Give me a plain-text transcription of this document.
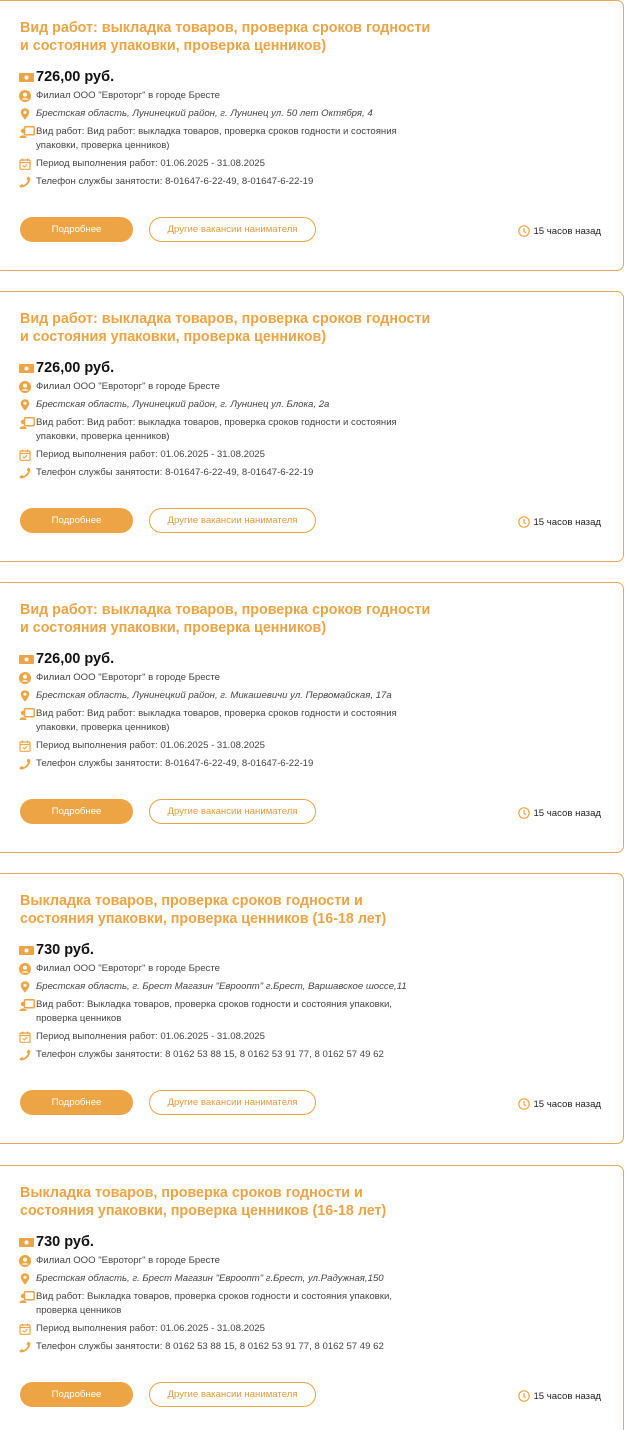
Вид работ: выкладка товаров, проверка сроков годности и состояния упаковки, проверка ценников)
726,00 руб.
Филиал ООО "Евроторг" в городе Бресте
Брестская область, Лунинецкий район, г. Лунинец ул. 50 лет Октября, 4
Вид работ: Вид работ: выкладка товаров, проверка сроков годности и состояния упаковки, проверка ценников)
Период выполнения работ: 01.06.2025 - 31.08.2025
Телефон службы занятости: 8-01647-6-22-49, 8-01647-6-22-19
Подробнее	Другие вакансии нанимателя	15 часов назад
Вид работ: выкладка товаров, проверка сроков годности и состояния упаковки, проверка ценников)
726,00 руб.
Филиал ООО "Евроторг" в городе Бресте
Брестская область, Лунинецкий район, г. Лунинец ул. Блока, 2а
Вид работ: Вид работ: выкладка товаров, проверка сроков годности и состояния упаковки, проверка ценников)
Период выполнения работ: 01.06.2025 - 31.08.2025
Телефон службы занятости: 8-01647-6-22-49, 8-01647-6-22-19
Подробнее	Другие вакансии нанимателя	15 часов назад
Вид работ: выкладка товаров, проверка сроков годности и состояния упаковки, проверка ценников)
726,00 руб.
Филиал ООО "Евроторг" в городе Бресте
Брестская область, Лунинецкий район, г. Микашевичи ул. Первомайская, 17а
Вид работ: Вид работ: выкладка товаров, проверка сроков годности и состояния упаковки, проверка ценников)
Период выполнения работ: 01.06.2025 - 31.08.2025
Телефон службы занятости: 8-01647-6-22-49, 8-01647-6-22-19
Подробнее	Другие вакансии нанимателя	15 часов назад
Выкладка товаров, проверка сроков годности и состояния упаковки, проверка ценников (16-18 лет)
730 руб.
Филиал ООО "Евроторг" в городе Бресте
Брестская область, г. Брест Магазин "Евроопт" г.Брест, Варшавское шоссе,11
Вид работ: Выкладка товаров, проверка сроков годности и состояния упаковки, проверка ценников
Период выполнения работ: 01.06.2025 - 31.08.2025
Телефон службы занятости: 8 0162 53 88 15, 8 0162 53 91 77, 8 0162 57 49 62
Подробнее	Другие вакансии нанимателя	15 часов назад
Выкладка товаров, проверка сроков годности и состояния упаковки, проверка ценников (16-18 лет)
730 руб.
Филиал ООО "Евроторг" в городе Бресте
Брестская область, г. Брест Магазин "Евроопт" г.Брест, ул.Радужная,150
Вид работ: Выкладка товаров, проверка сроков годности и состояния упаковки, проверка ценников
Период выполнения работ: 01.06.2025 - 31.08.2025
Телефон службы занятости: 8 0162 53 88 15, 8 0162 53 91 77, 8 0162 57 49 62
Подробнее	Другие вакансии нанимателя	15 часов назад
